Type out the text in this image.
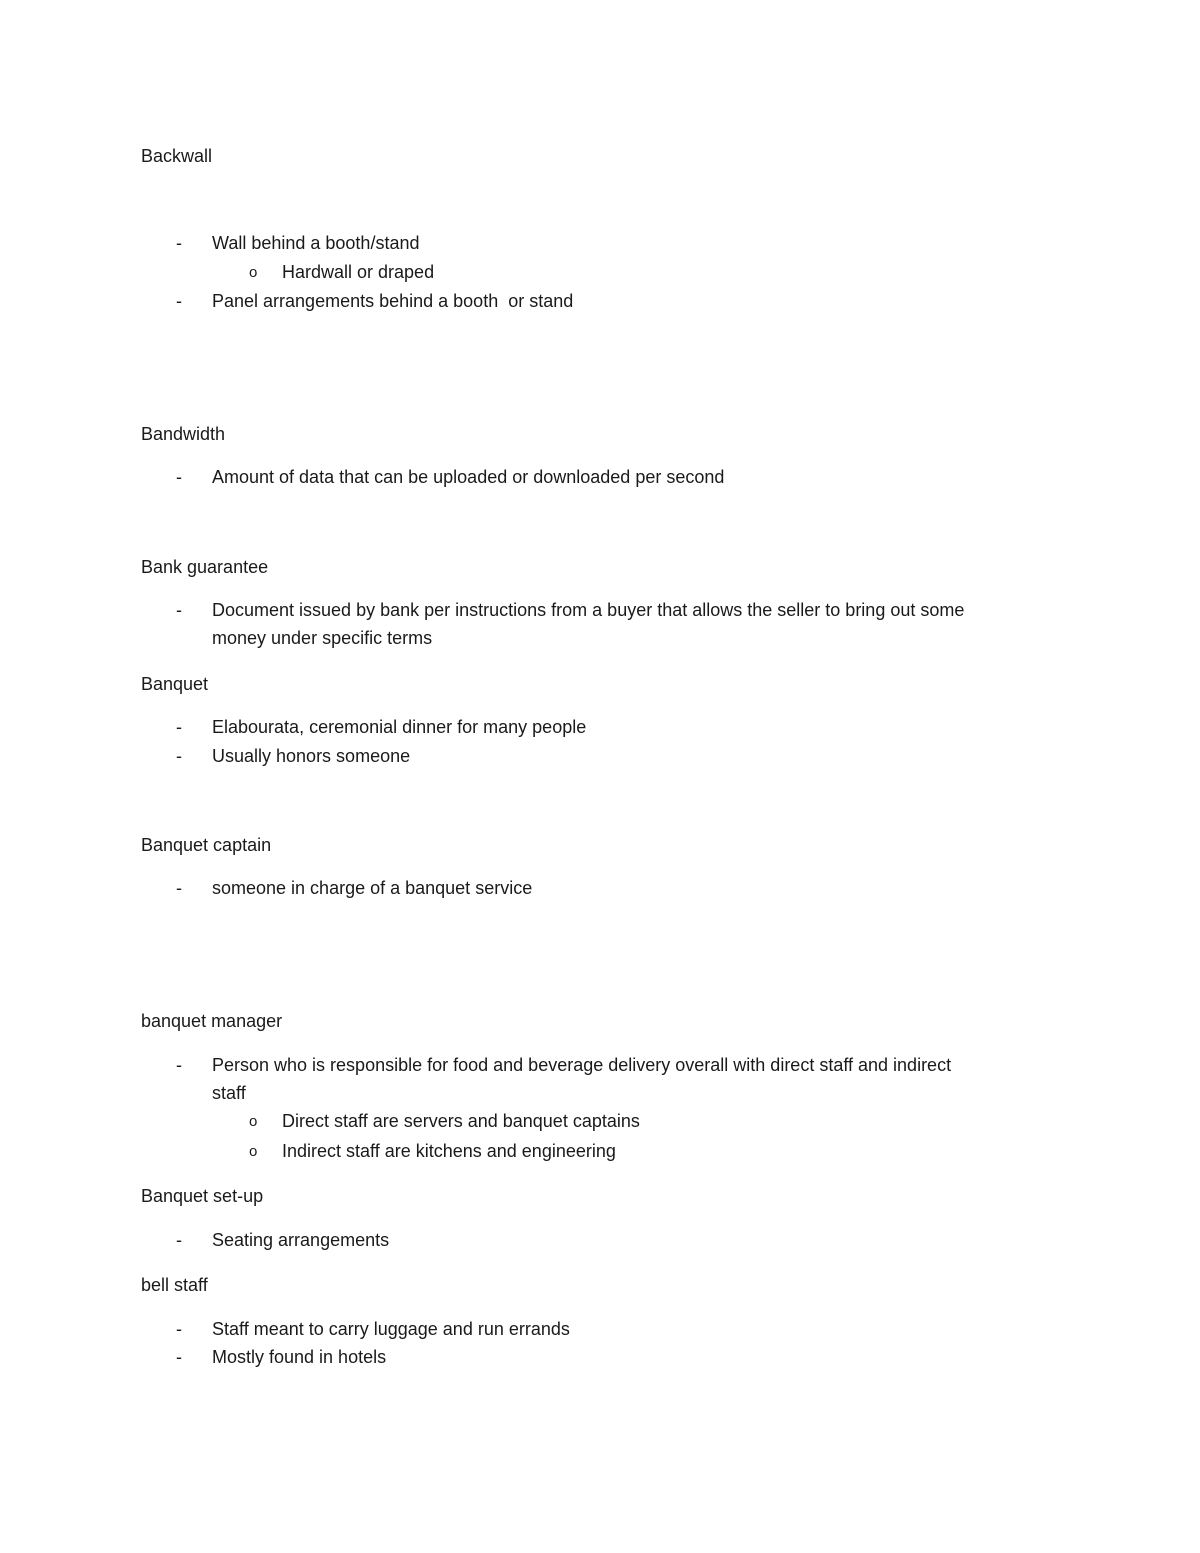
Backwall
- Wall behind a booth/stand
o Hardwall or draped
- Panel arrangements behind a booth  or stand
Bandwidth
- Amount of data that can be uploaded or downloaded per second
Bank guarantee
- Document issued by bank per instructions from a buyer that allows the seller to bring out some
money under specific terms
Banquet
- Elabourata, ceremonial dinner for many people
- Usually honors someone
Banquet captain
- someone in charge of a banquet service
banquet manager
- Person who is responsible for food and beverage delivery overall with direct staff and indirect
staff
o Direct staff are servers and banquet captains
o Indirect staff are kitchens and engineering
Banquet set-up
- Seating arrangements
bell staff
- Staff meant to carry luggage and run errands
- Mostly found in hotels
